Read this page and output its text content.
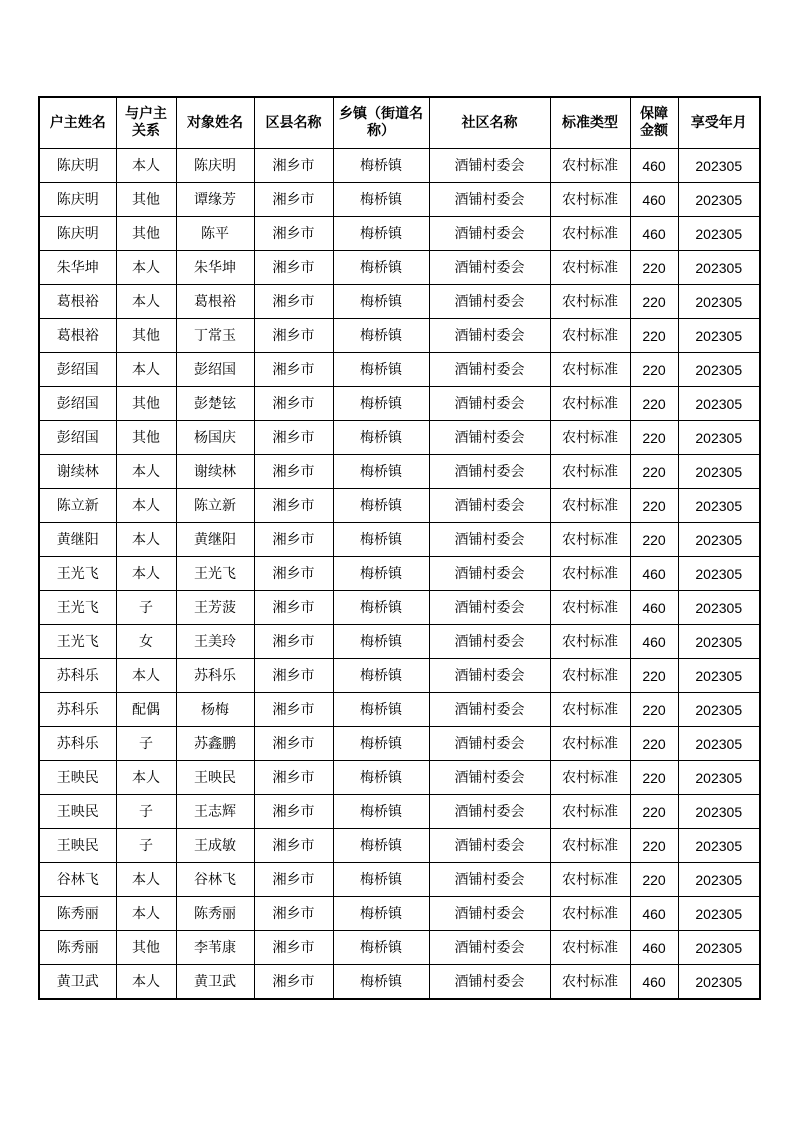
户主姓名	与户主关系	对象姓名	区县名称	乡镇（街道名称）	社区名称	标准类型	保障金额	享受年月
陈庆明	本人	陈庆明	湘乡市	梅桥镇	酒铺村委会	农村标准	460	202305
陈庆明	其他	谭缘芳	湘乡市	梅桥镇	酒铺村委会	农村标准	460	202305
陈庆明	其他	陈平	湘乡市	梅桥镇	酒铺村委会	农村标准	460	202305
朱华坤	本人	朱华坤	湘乡市	梅桥镇	酒铺村委会	农村标准	220	202305
葛根裕	本人	葛根裕	湘乡市	梅桥镇	酒铺村委会	农村标准	220	202305
葛根裕	其他	丁常玉	湘乡市	梅桥镇	酒铺村委会	农村标准	220	202305
彭绍国	本人	彭绍国	湘乡市	梅桥镇	酒铺村委会	农村标准	220	202305
彭绍国	其他	彭楚铉	湘乡市	梅桥镇	酒铺村委会	农村标准	220	202305
彭绍国	其他	杨国庆	湘乡市	梅桥镇	酒铺村委会	农村标准	220	202305
谢续林	本人	谢续林	湘乡市	梅桥镇	酒铺村委会	农村标准	220	202305
陈立新	本人	陈立新	湘乡市	梅桥镇	酒铺村委会	农村标准	220	202305
黄继阳	本人	黄继阳	湘乡市	梅桥镇	酒铺村委会	农村标准	220	202305
王光飞	本人	王光飞	湘乡市	梅桥镇	酒铺村委会	农村标准	460	202305
王光飞	子	王芳菠	湘乡市	梅桥镇	酒铺村委会	农村标准	460	202305
王光飞	女	王美玲	湘乡市	梅桥镇	酒铺村委会	农村标准	460	202305
苏科乐	本人	苏科乐	湘乡市	梅桥镇	酒铺村委会	农村标准	220	202305
苏科乐	配偶	杨梅	湘乡市	梅桥镇	酒铺村委会	农村标准	220	202305
苏科乐	子	苏鑫鹏	湘乡市	梅桥镇	酒铺村委会	农村标准	220	202305
王映民	本人	王映民	湘乡市	梅桥镇	酒铺村委会	农村标准	220	202305
王映民	子	王志辉	湘乡市	梅桥镇	酒铺村委会	农村标准	220	202305
王映民	子	王成敏	湘乡市	梅桥镇	酒铺村委会	农村标准	220	202305
谷林飞	本人	谷林飞	湘乡市	梅桥镇	酒铺村委会	农村标准	220	202305
陈秀丽	本人	陈秀丽	湘乡市	梅桥镇	酒铺村委会	农村标准	460	202305
陈秀丽	其他	李苇康	湘乡市	梅桥镇	酒铺村委会	农村标准	460	202305
黄卫武	本人	黄卫武	湘乡市	梅桥镇	酒铺村委会	农村标准	460	202305
